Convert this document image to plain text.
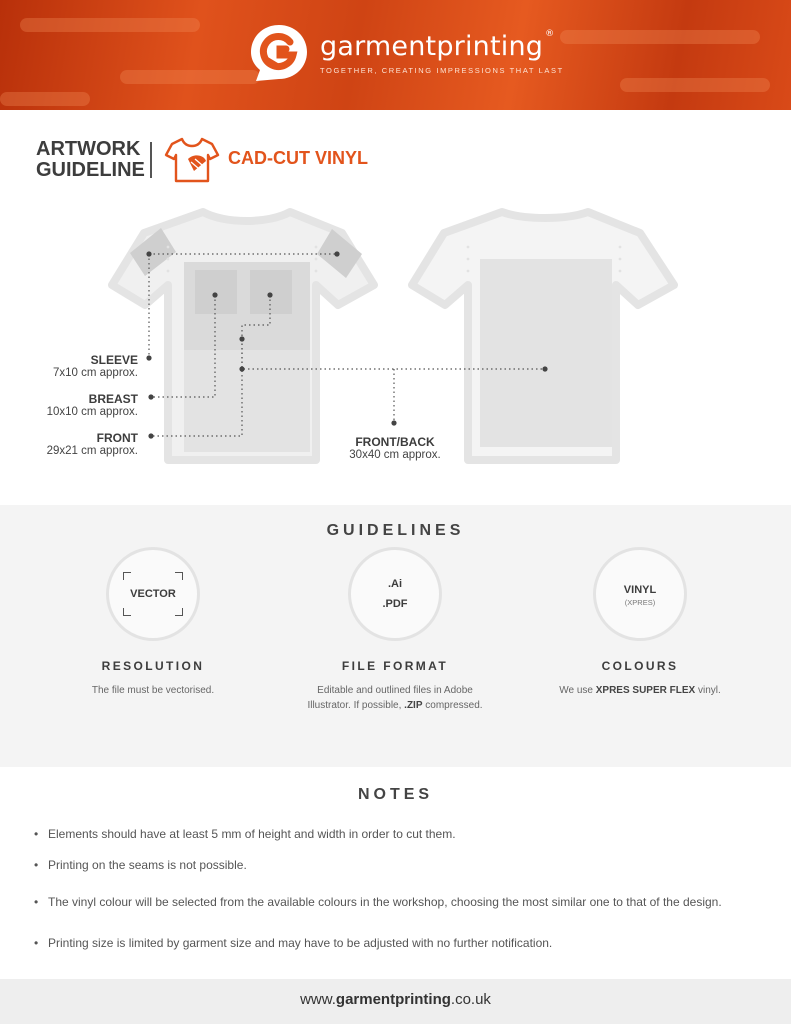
garmentprinting ®
TOGETHER, CREATING IMPRESSIONS THAT LAST
ARTWORK
GUIDELINE
CAD-CUT VINYL
SLEEVE
7x10 cm approx.
BREAST
10x10 cm approx.
FRONT
29x21 cm approx.
FRONT/BACK
30x40 cm approx.
GUIDELINES
VECTOR
RESOLUTION
The file must be vectorised.
.Ai
.PDF
FILE FORMAT
Editable and outlined files in Adobe
Illustrator. If possible, .ZIP compressed.
VINYL
(XPRES)
COLOURS
We use XPRES SUPER FLEX vinyl.
NOTES
• Elements should have at least 5 mm of height and width in order to cut them.
• Printing on the seams is not possible.
• The vinyl colour will be selected from the available colours in the workshop, choosing the most similar one to that of the design.
• Printing size is limited by garment size and may have to be adjusted with no further notification.
www.garmentprinting.co.uk
